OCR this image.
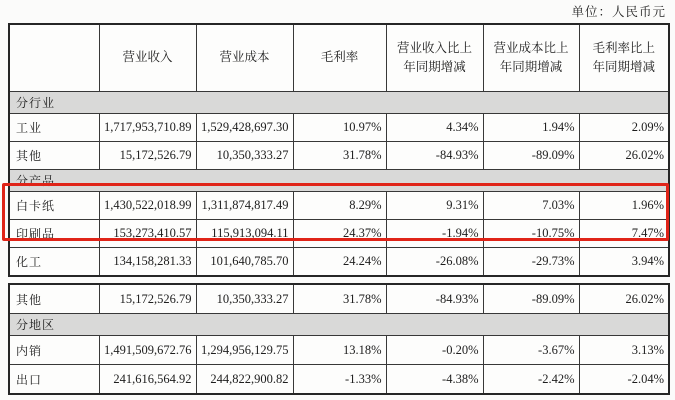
单位：人民币元
	营业收入	营业成本	毛利率	营业收入比上年同期增减	营业成本比上年同期增减	毛利率比上年同期增减
分行业						
工业	1,717,953,710.89	1,529,428,697.30	10.97%	4.34%	1.94%	2.09%
其他	15,172,526.79	10,350,333.27	31.78%	-84.93%	-89.09%	26.02%
分产品						
白卡纸	1,430,522,018.99	1,311,874,817.49	8.29%	9.31%	7.03%	1.96%
印刷品	153,273,410.57	115,913,094.11	24.37%	-1.94%	-10.75%	7.47%
化工	134,158,281.33	101,640,785.70	24.24%	-26.08%	-29.73%	3.94%
其他	15,172,526.79	10,350,333.27	31.78%	-84.93%	-89.09%	26.02%
分地区						
内销	1,491,509,672.76	1,294,956,129.75	13.18%	-0.20%	-3.67%	3.13%
出口	241,616,564.92	244,822,900.82	-1.33%	-4.38%	-2.42%	-2.04%
